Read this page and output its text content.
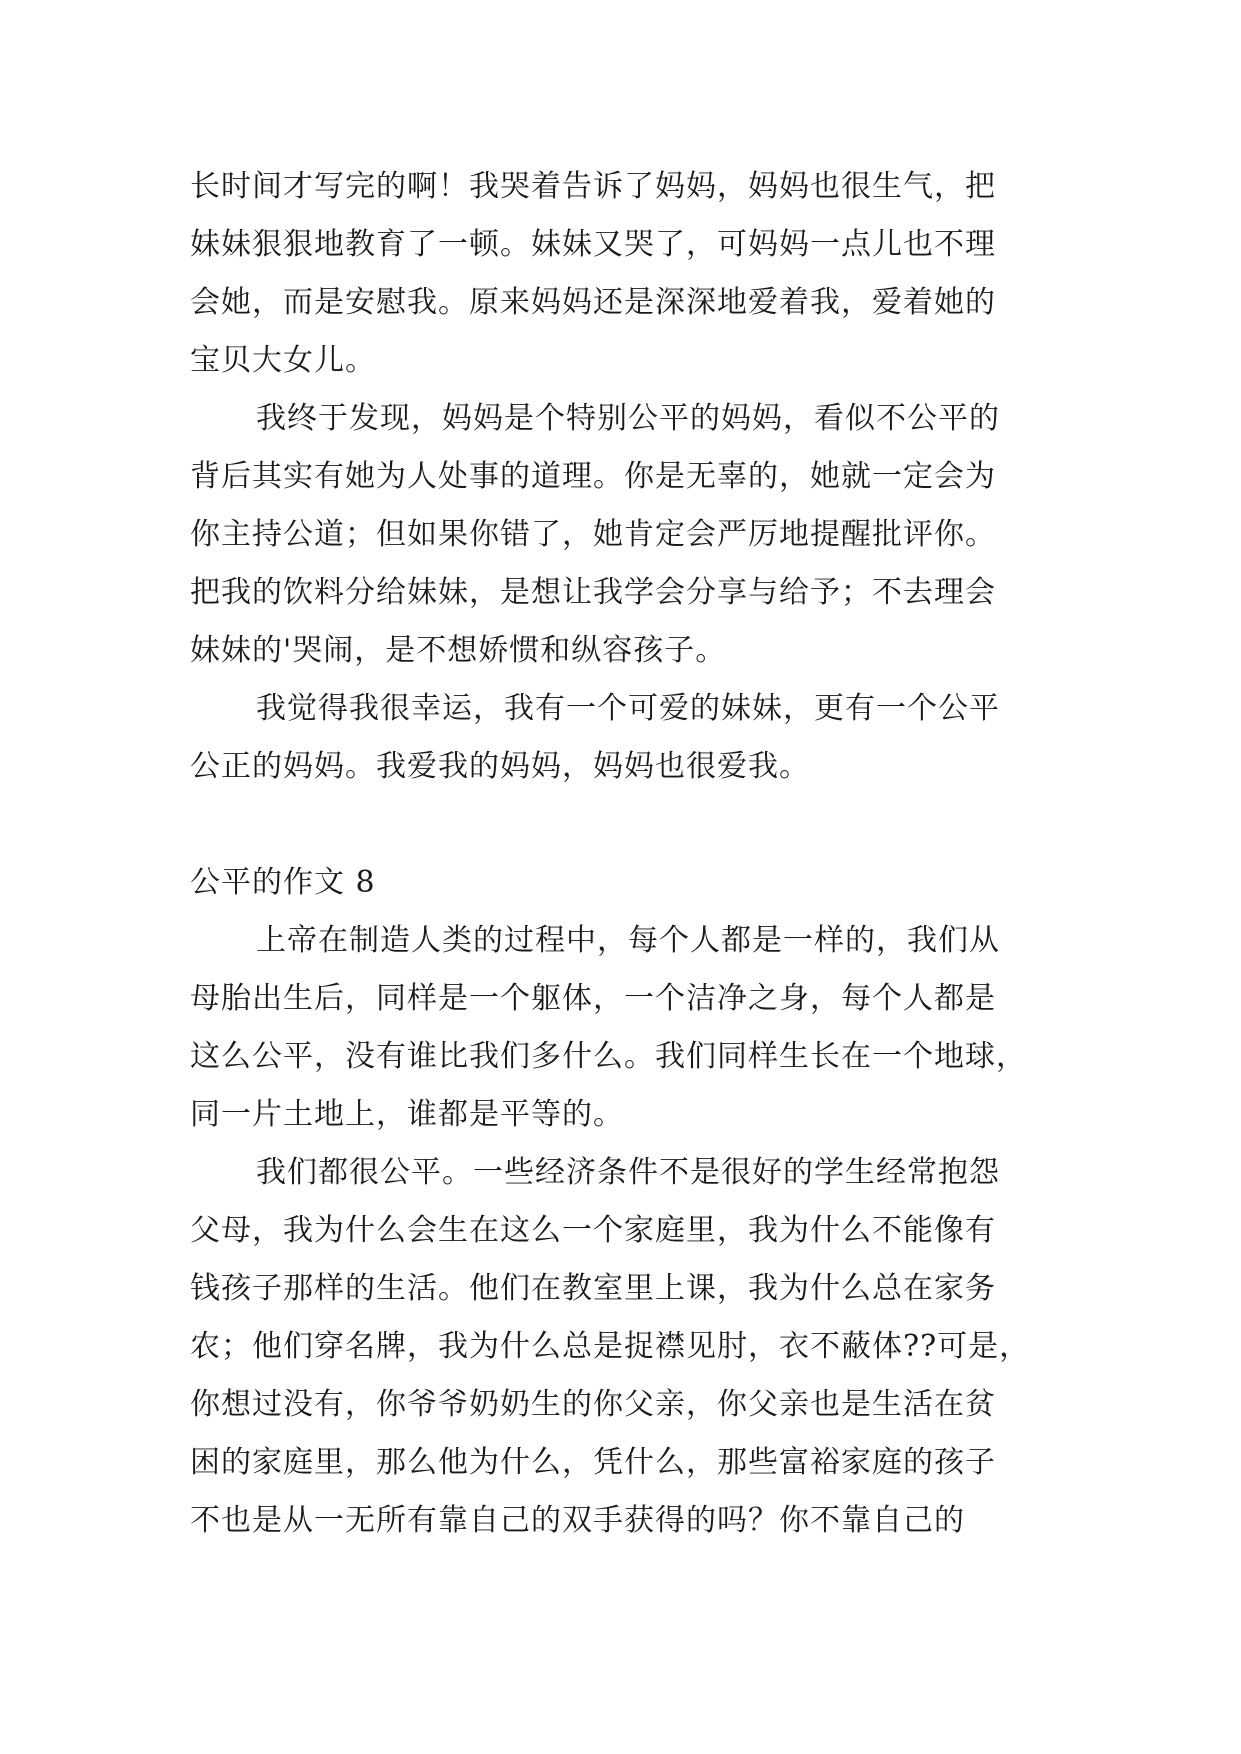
长时间才写完的啊！我哭着告诉了妈妈，妈妈也很生气，把
妹妹狠狠地教育了一顿。妹妹又哭了，可妈妈一点儿也不理
会她，而是安慰我。原来妈妈还是深深地爱着我，爱着她的
宝贝大女儿。
我终于发现，妈妈是个特别公平的妈妈，看似不公平的
背后其实有她为人处事的道理。你是无辜的，她就一定会为
你主持公道；但如果你错了，她肯定会严厉地提醒批评你。
把我的饮料分给妹妹，是想让我学会分享与给予；不去理会
妹妹的'哭闹，是不想娇惯和纵容孩子。
我觉得我很幸运，我有一个可爱的妹妹，更有一个公平
公正的妈妈。我爱我的妈妈，妈妈也很爱我。
公平的作文 8
上帝在制造人类的过程中，每个人都是一样的，我们从
母胎出生后，同样是一个躯体，一个洁净之身，每个人都是
这么公平，没有谁比我们多什么。我们同样生长在一个地球，
同一片土地上，谁都是平等的。
我们都很公平。一些经济条件不是很好的学生经常抱怨
父母，我为什么会生在这么一个家庭里，我为什么不能像有
钱孩子那样的生活。他们在教室里上课，我为什么总在家务
农；他们穿名牌，我为什么总是捉襟见肘，衣不蔽体??可是，
你想过没有，你爷爷奶奶生的你父亲，你父亲也是生活在贫
困的家庭里，那么他为什么，凭什么，那些富裕家庭的孩子
不也是从一无所有靠自己的双手获得的吗？你不靠自己的
